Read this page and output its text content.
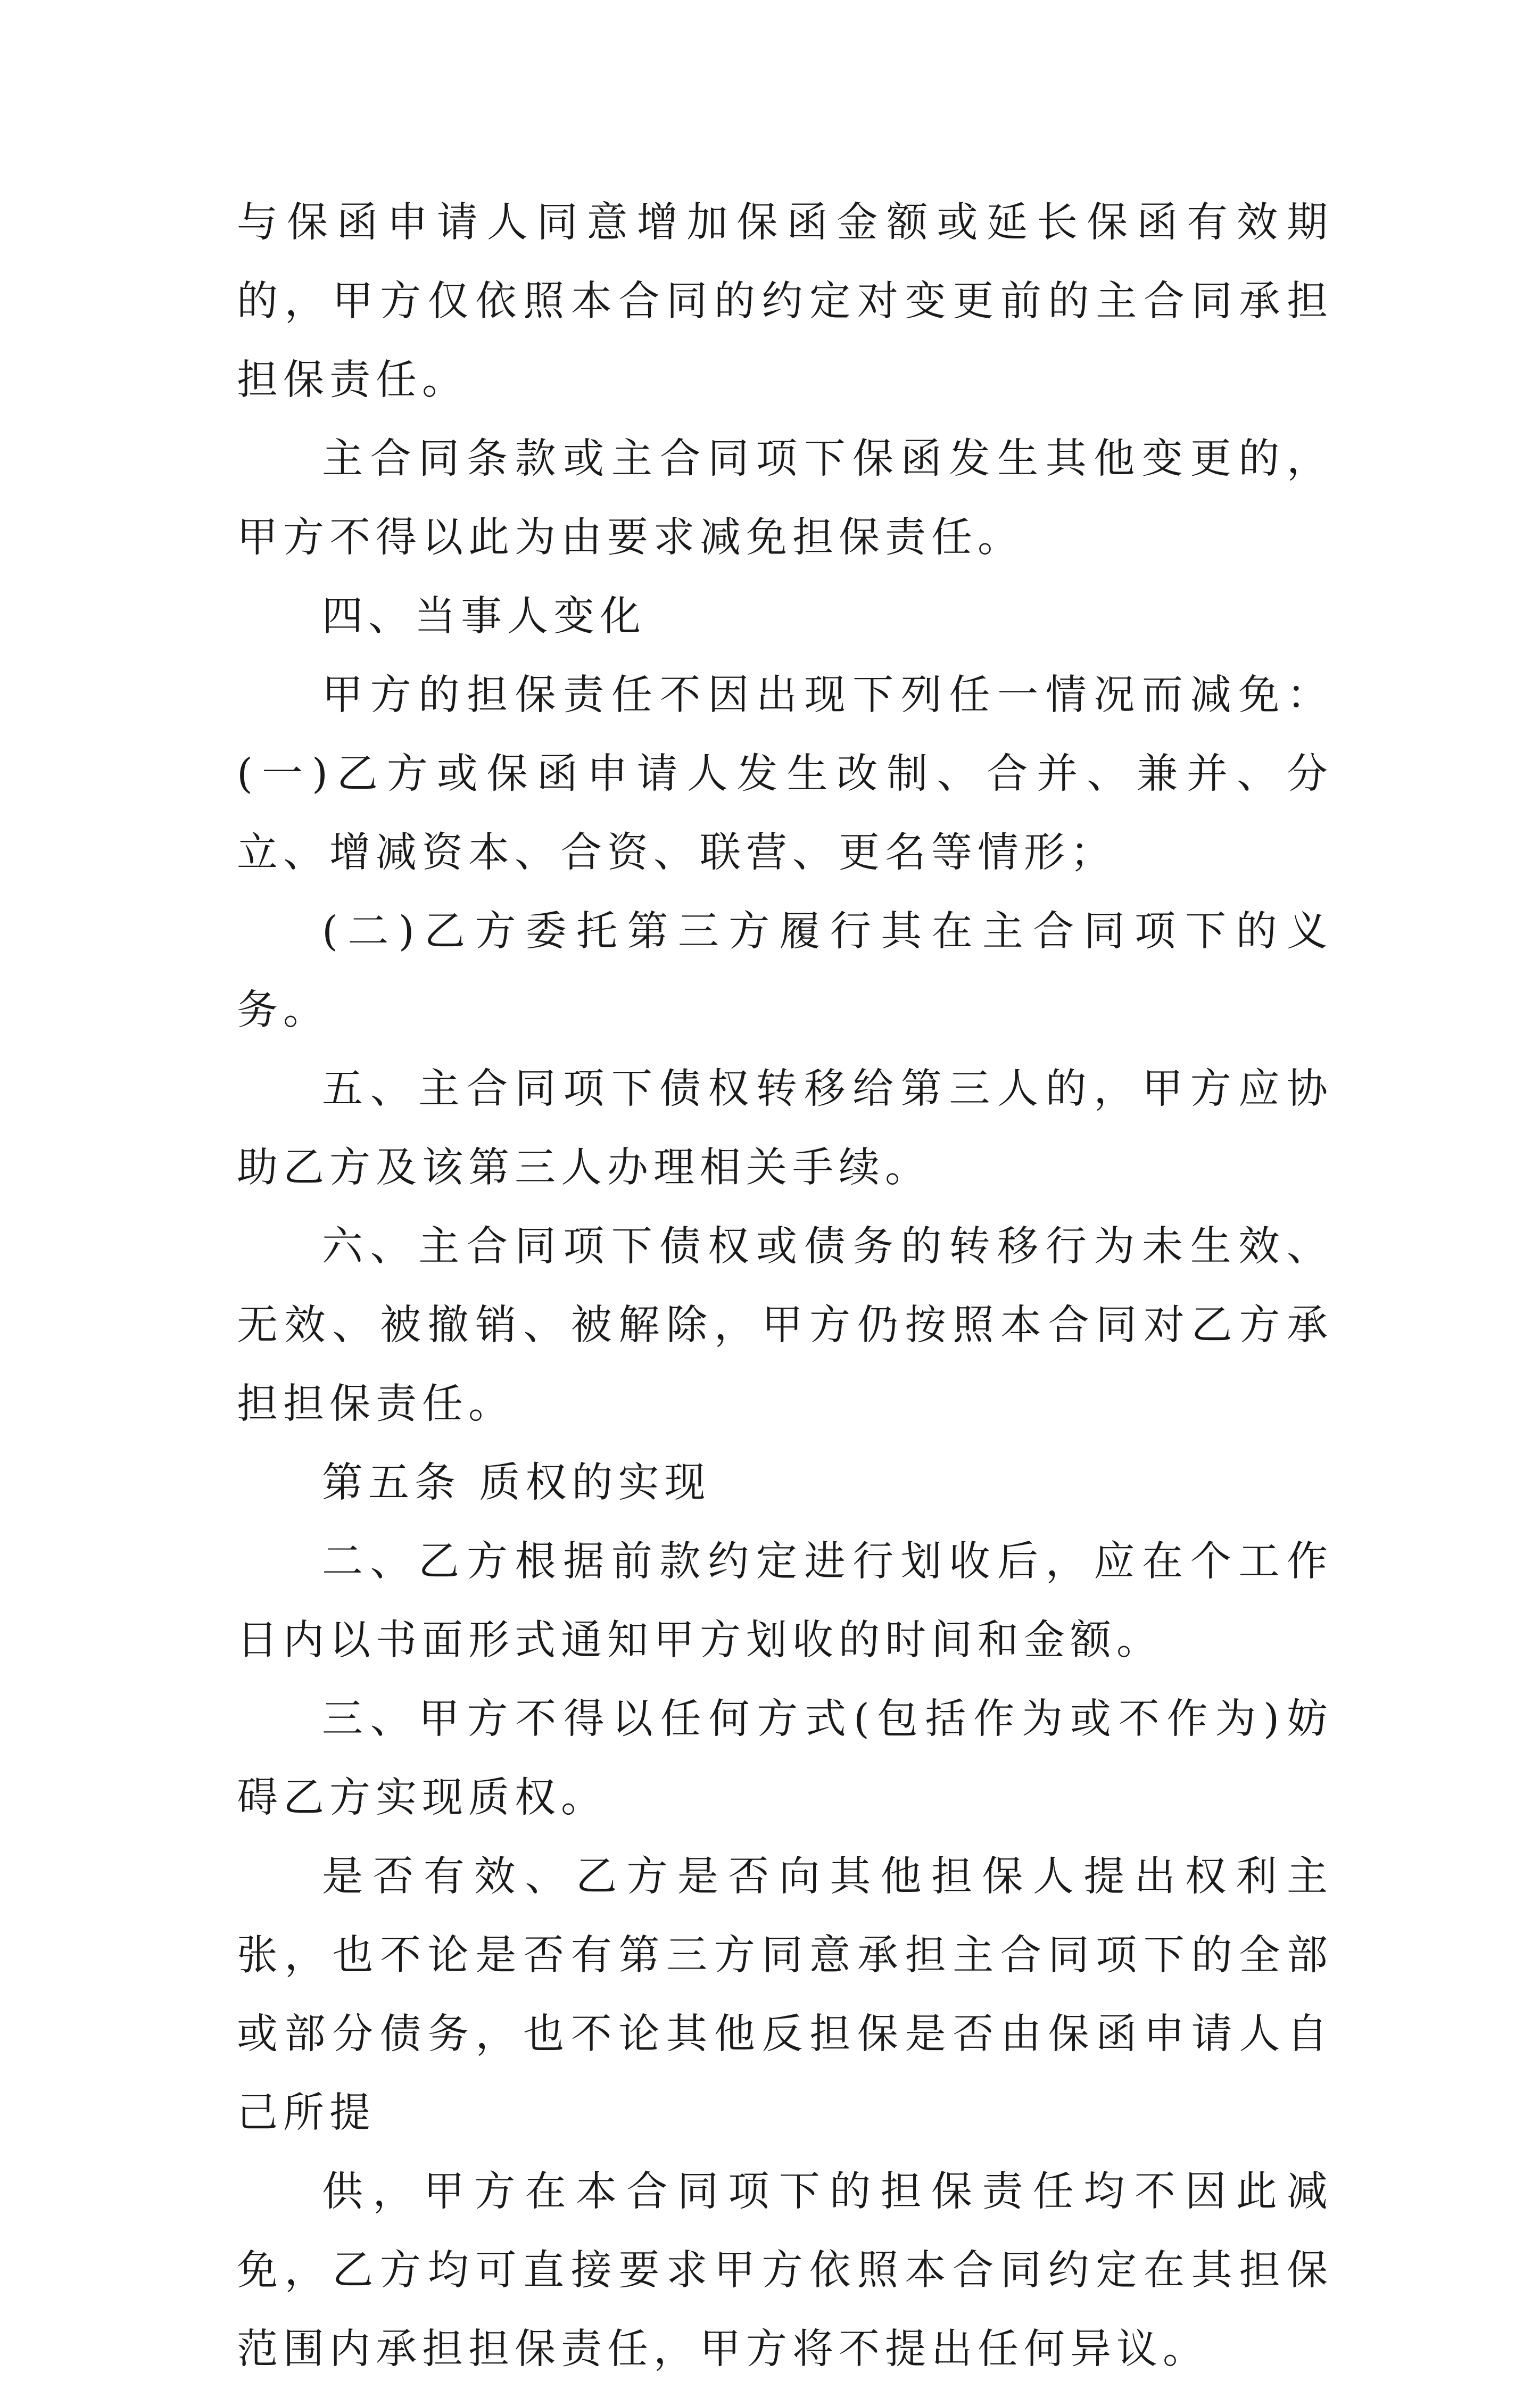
与保函申请人同意增加保函金额或延长保函有效期的，甲方仅依照本合同的约定对变更前的主合同承担担保责任。

主合同条款或主合同项下保函发生其他变更的，甲方不得以此为由要求减免担保责任。

四、当事人变化

甲方的担保责任不因出现下列任一情况而减免：(一)乙方或保函申请人发生改制、合并、兼并、分立、增减资本、合资、联营、更名等情形；

(二)乙方委托第三方履行其在主合同项下的义务。

五、主合同项下债权转移给第三人的，甲方应协助乙方及该第三人办理相关手续。

六、主合同项下债权或债务的转移行为未生效、无效、被撤销、被解除，甲方仍按照本合同对乙方承担担保责任。

第五条 质权的实现

二、乙方根据前款约定进行划收后，应在个工作日内以书面形式通知甲方划收的时间和金额。

三、甲方不得以任何方式(包括作为或不作为)妨碍乙方实现质权。

是否有效、乙方是否向其他担保人提出权利主张，也不论是否有第三方同意承担主合同项下的全部或部分债务，也不论其他反担保是否由保函申请人自己所提

供，甲方在本合同项下的担保责任均不因此减免，乙方均可直接要求甲方依照本合同约定在其担保范围内承担担保责任，甲方将不提出任何异议。
